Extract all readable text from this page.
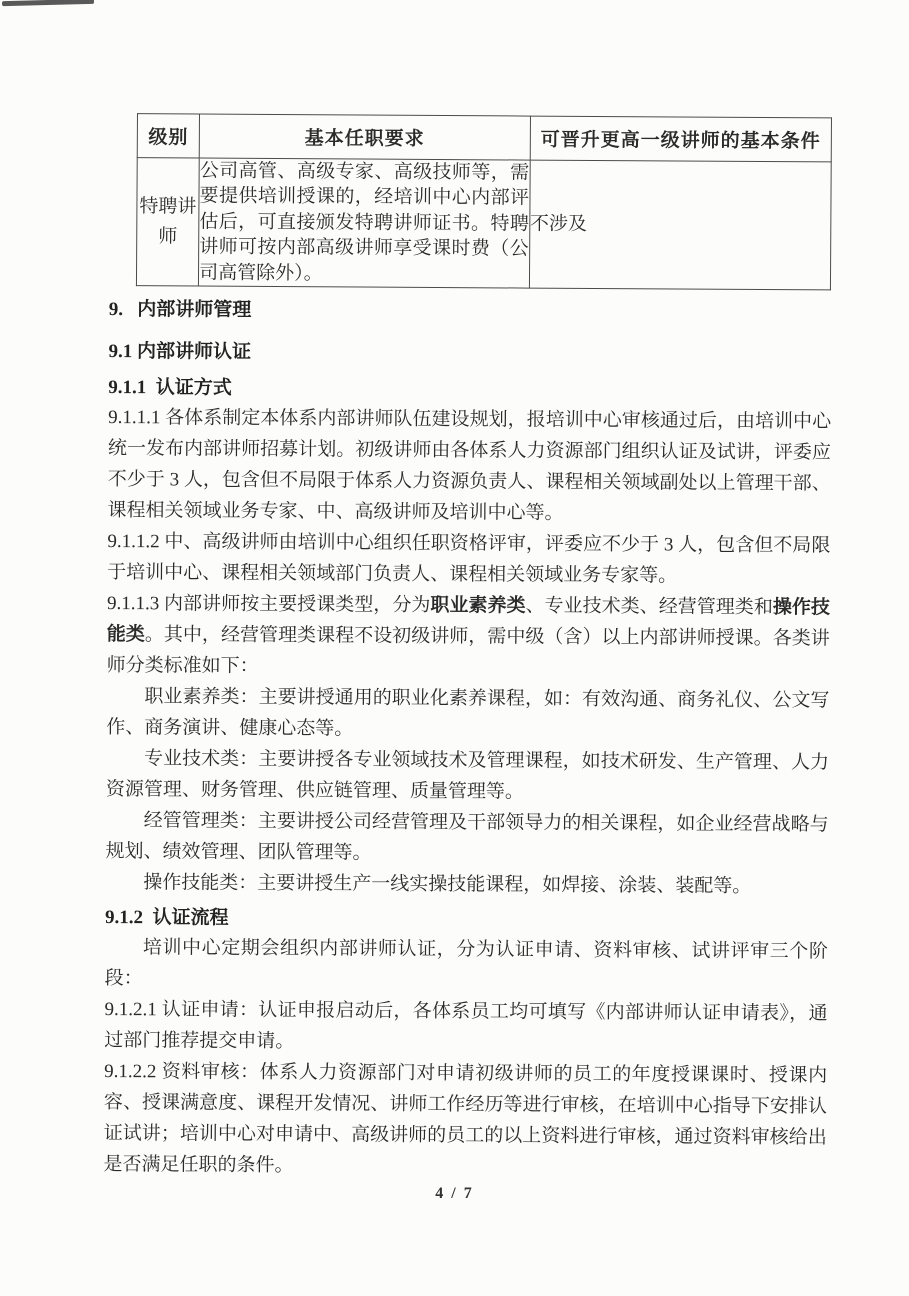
级别	基本任职要求	可晋升更高一级讲师的基本条件
特聘讲师	公司高管、高级专家、高级技师等，需要提供培训授课的，经培训中心内部评估后，可直接颁发特聘讲师证书。特聘讲师可按内部高级讲师享受课时费（公司高管除外）。	不涉及
9.   内部讲师管理
9.1 内部讲师认证
9.1.1  认证方式

9.1.1.1 各体系制定本体系内部讲师队伍建设规划，报培训中心审核通过后，由培训中心统一发布内部讲师招募计划。初级讲师由各体系人力资源部门组织认证及试讲，评委应不少于 3 人，包含但不局限于体系人力资源负责人、课程相关领域副处以上管理干部、课程相关领域业务专家、中、高级讲师及培训中心等。

9.1.1.2 中、高级讲师由培训中心组织任职资格评审，评委应不少于 3 人，包含但不局限于培训中心、课程相关领域部门负责人、课程相关领域业务专家等。

9.1.1.3 内部讲师按主要授课类型，分为职业素养类、专业技术类、经营管理类和操作技能类。其中，经营管理类课程不设初级讲师，需中级（含）以上内部讲师授课。各类讲师分类标准如下：

职业素养类：主要讲授通用的职业化素养课程，如：有效沟通、商务礼仪、公文写作、商务演讲、健康心态等。

专业技术类：主要讲授各专业领域技术及管理课程，如技术研发、生产管理、人力资源管理、财务管理、供应链管理、质量管理等。

经管管理类：主要讲授公司经营管理及干部领导力的相关课程，如企业经营战略与规划、绩效管理、团队管理等。

操作技能类：主要讲授生产一线实操技能课程，如焊接、涂装、装配等。

9.1.2  认证流程

培训中心定期会组织内部讲师认证，分为认证申请、资料审核、试讲评审三个阶段：

9.1.2.1 认证申请：认证申报启动后，各体系员工均可填写《内部讲师认证申请表》，通过部门推荐提交申请。

9.1.2.2 资料审核：体系人力资源部门对申请初级讲师的员工的年度授课课时、授课内容、授课满意度、课程开发情况、讲师工作经历等进行审核，在培训中心指导下安排认证试讲；培训中心对申请中、高级讲师的员工的以上资料进行审核，通过资料审核给出是否满足任职的条件。

4 / 7
